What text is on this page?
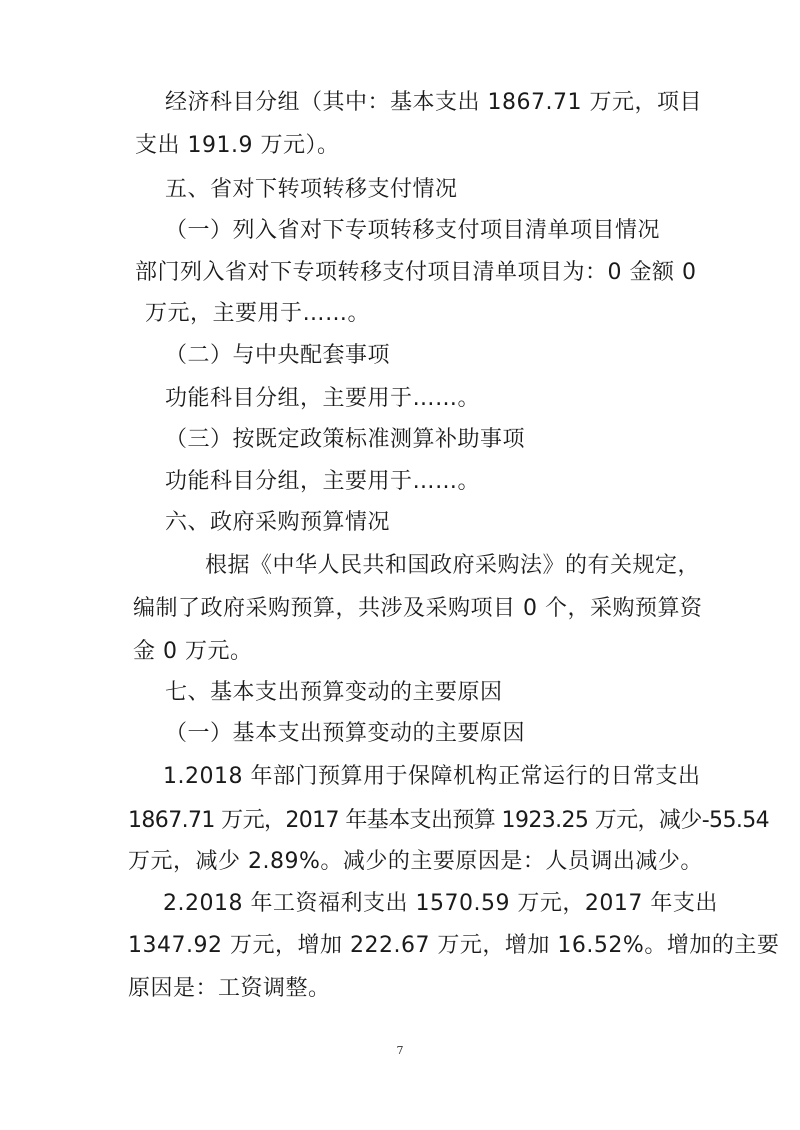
经济科目分组（其中：基本支出 1867.71 万元，项目
支出 191.9 万元）。
五、省对下转项转移支付情况
（一）列入省对下专项转移支付项目清单项目情况
部门列入省对下专项转移支付项目清单项目为：0 金额 0
万元，主要用于……。
（二）与中央配套事项
功能科目分组，主要用于……。
（三）按既定政策标准测算补助事项
功能科目分组，主要用于……。
六、政府采购预算情况
根据《中华人民共和国政府采购法》的有关规定，
编制了政府采购预算，共涉及采购项目 0 个，采购预算资
金 0 万元。
七、基本支出预算变动的主要原因
（一）基本支出预算变动的主要原因
1.2018 年部门预算用于保障机构正常运行的日常支出
1867.71 万元，2017 年基本支出预算 1923.25 万元，减少-55.54
万元，减少 2.89%。减少的主要原因是：人员调出减少。
2.2018 年工资福利支出 1570.59 万元，2017 年支出
1347.92 万元，增加 222.67 万元，增加 16.52%。增加的主要
原因是：工资调整。
7
